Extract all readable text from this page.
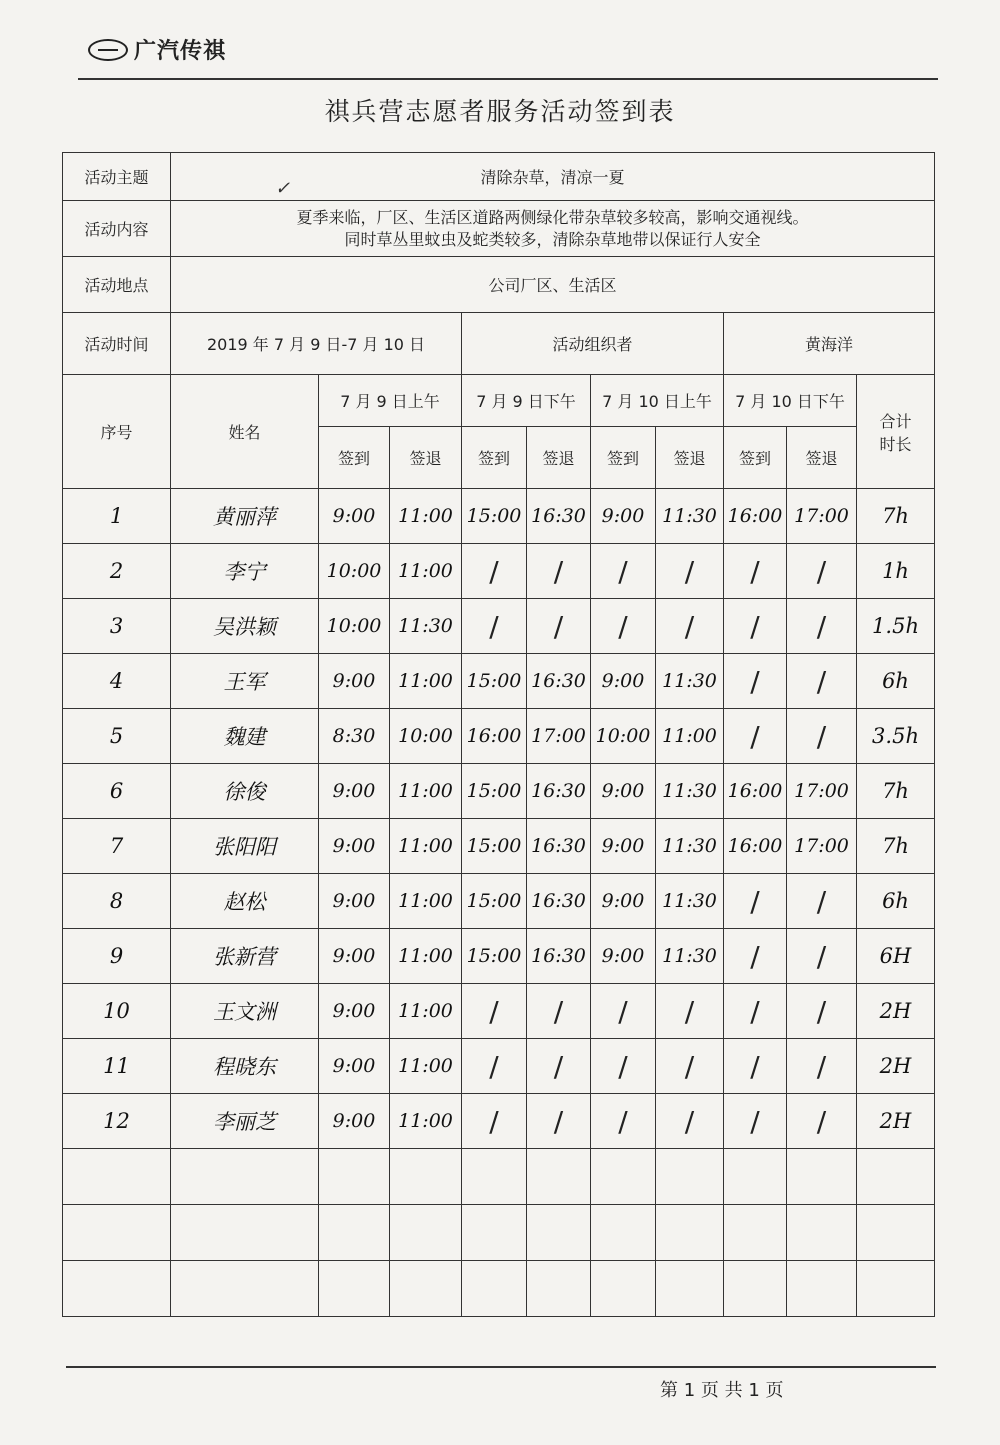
广汽传祺
祺兵营志愿者服务活动签到表
✓
活动主题	清除杂草，清凉一夏									
活动内容	夏季来临，厂区、生活区道路两侧绿化带杂草较多较高，影响交通视线。
同时草丛里蚊虫及蛇类较多，清除杂草地带以保证行人安全									

活动地点	公司厂区、生活区									
活动时间	2019 年 7 月 9 日-7 月 10 日			活动组织者				黄海洋		
序号	姓名	7 月 9 日上午		7 月 9 日下午		7 月 10 日上午		7 月 10 日下午		合计
时长

		签到	签退	签到	签退	签到	签退	签到	签退	
1	黄丽萍	9:00	11:00	15:00	16:30	9:00	11:30	16:00	17:00	7h
2	李宁	10:00	11:00	/	/	/	/	/	/	1h
3	吴洪颖	10:00	11:30	/	/	/	/	/	/	1.5h
4	王军	9:00	11:00	15:00	16:30	9:00	11:30	/	/	6h
5	魏建	8:30	10:00	16:00	17:00	10:00	11:00	/	/	3.5h
6	徐俊	9:00	11:00	15:00	16:30	9:00	11:30	16:00	17:00	7h
7	张阳阳	9:00	11:00	15:00	16:30	9:00	11:30	16:00	17:00	7h
8	赵松	9:00	11:00	15:00	16:30	9:00	11:30	/	/	6h
9	张新营	9:00	11:00	15:00	16:30	9:00	11:30	/	/	6H
10	王文洲	9:00	11:00	/	/	/	/	/	/	2H
11	程晓东	9:00	11:00	/	/	/	/	/	/	2H
12	李丽芝	9:00	11:00	/	/	/	/	/	/	2H

第 1 页 共 1 页
